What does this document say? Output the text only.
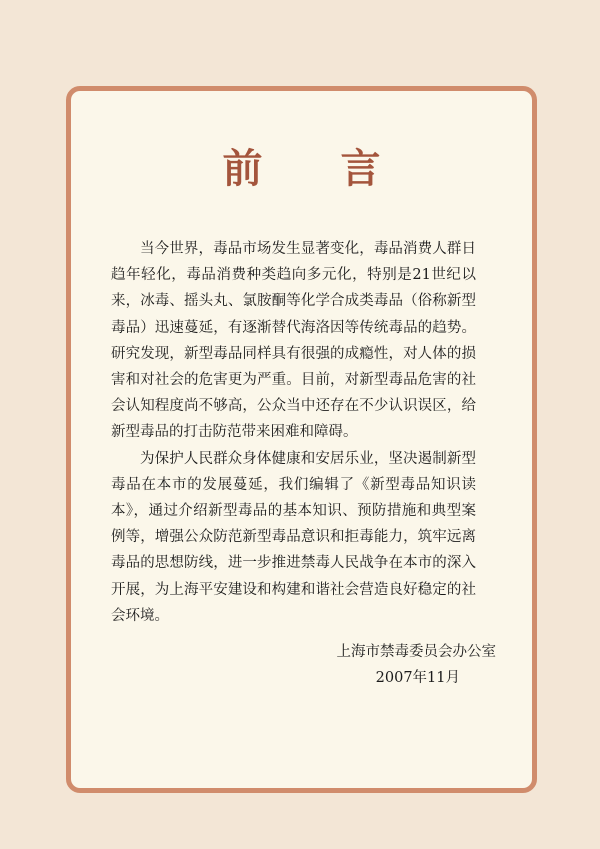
前 言

当今世界，毒品市场发生显著变化，毒品消费人群日趋年轻化，毒品消费种类趋向多元化，特别是21世纪以来，冰毒、摇头丸、氯胺酮等化学合成类毒品（俗称新型毒品）迅速蔓延，有逐渐替代海洛因等传统毒品的趋势。研究发现，新型毒品同样具有很强的成瘾性，对人体的损害和对社会的危害更为严重。目前，对新型毒品危害的社会认知程度尚不够高，公众当中还存在不少认识误区，给新型毒品的打击防范带来困难和障碍。

为保护人民群众身体健康和安居乐业，坚决遏制新型毒品在本市的发展蔓延，我们编辑了《新型毒品知识读本》，通过介绍新型毒品的基本知识、预防措施和典型案例等，增强公众防范新型毒品意识和拒毒能力，筑牢远离毒品的思想防线，进一步推进禁毒人民战争在本市的深入开展，为上海平安建设和构建和谐社会营造良好稳定的社会环境。

上海市禁毒委员会办公室
2007年11月
